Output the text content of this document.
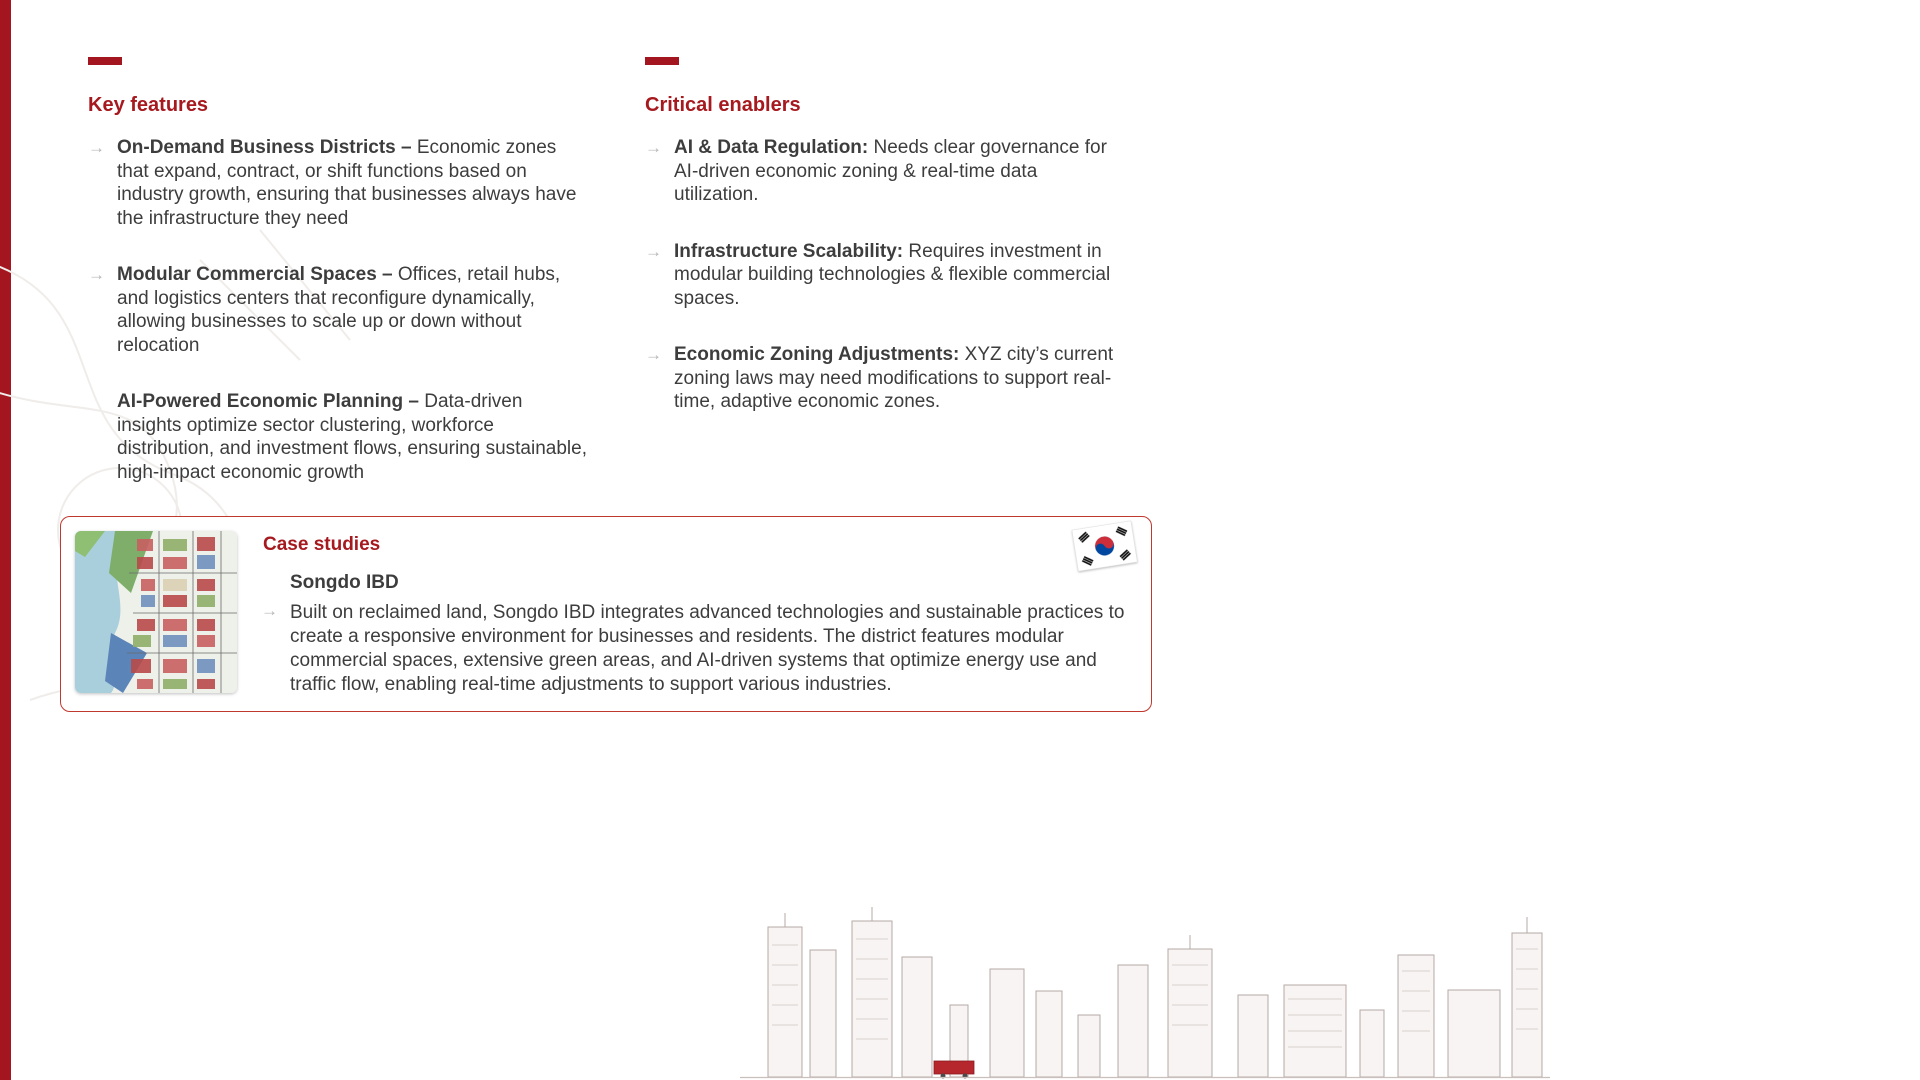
Key features
→ On-Demand Business Districts – Economic zones that expand, contract, or shift functions based on industry growth, ensuring that businesses always have the infrastructure they need
→ Modular Commercial Spaces – Offices, retail hubs, and logistics centers that reconfigure dynamically, allowing businesses to scale up or down without relocation
AI-Powered Economic Planning – Data-driven insights optimize sector clustering, workforce distribution, and investment flows, ensuring sustainable, high-impact economic growth
Critical enablers
→ AI & Data Regulation: Needs clear governance for AI-driven economic zoning & real-time data utilization.
→ Infrastructure Scalability: Requires investment in modular building technologies & flexible commercial spaces.
→ Economic Zoning Adjustments: XYZ city’s current zoning laws may need modifications to support real-time, adaptive economic zones.
Case studies
Songdo IBD
→ Built on reclaimed land, Songdo IBD integrates advanced technologies and sustainable practices to create a responsive environment for businesses and residents. The district features modular commercial spaces, extensive green areas, and AI-driven systems that optimize energy use and traffic flow, enabling real-time adjustments to support various industries.
